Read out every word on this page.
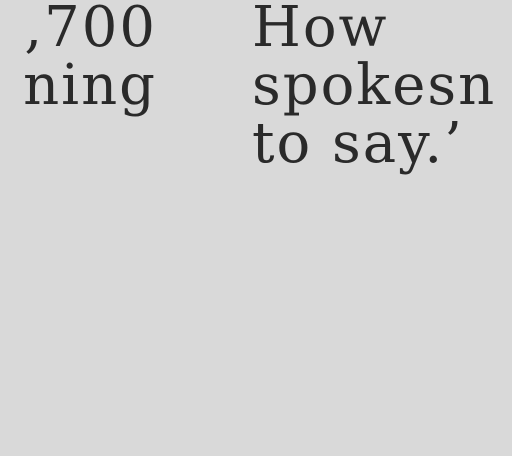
,700
ning
How
spokesn
to say.’
